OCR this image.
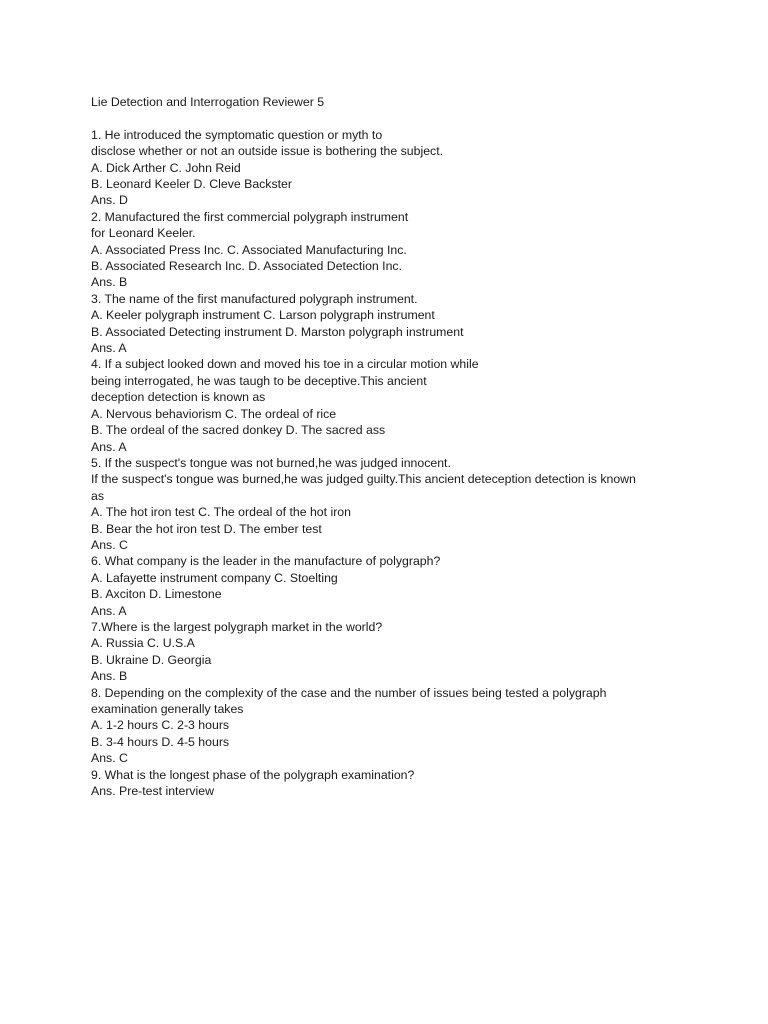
Lie Detection and Interrogation Reviewer 5
1. He introduced the symptomatic question or myth to
disclose whether or not an outside issue is bothering the subject.
A. Dick Arther C. John Reid
B. Leonard Keeler D. Cleve Backster
Ans. D
2. Manufactured the first commercial polygraph instrument
for Leonard Keeler.
A. Associated Press Inc. C. Associated Manufacturing Inc.
B. Associated Research Inc. D. Associated Detection Inc.
Ans. B
3. The name of the first manufactured polygraph instrument.
A. Keeler polygraph instrument C. Larson polygraph instrument
B. Associated Detecting instrument D. Marston polygraph instrument
Ans. A
4. If a subject looked down and moved his toe in a circular motion while
being interrogated, he was taugh to be deceptive.This ancient
deception detection is known as
A. Nervous behaviorism C. The ordeal of rice
B. The ordeal of the sacred donkey D. The sacred ass
Ans. A
5. If the suspect's tongue was not burned,he was judged innocent.
If the suspect's tongue was burned,he was judged guilty.This ancient deteception detection is known
as
A. The hot iron test C. The ordeal of the hot iron
B. Bear the hot iron test D. The ember test
Ans. C
6. What company is the leader in the manufacture of polygraph?
A. Lafayette instrument company C. Stoelting
B. Axciton D. Limestone
Ans. A
7.Where is the largest polygraph market in the world?
A. Russia C. U.S.A
B. Ukraine D. Georgia
Ans. B
8. Depending on the complexity of the case and the number of issues being tested a polygraph
examination generally takes
A. 1-2 hours C. 2-3 hours
B. 3-4 hours D. 4-5 hours
Ans. C
9. What is the longest phase of the polygraph examination?
Ans. Pre-test interview
